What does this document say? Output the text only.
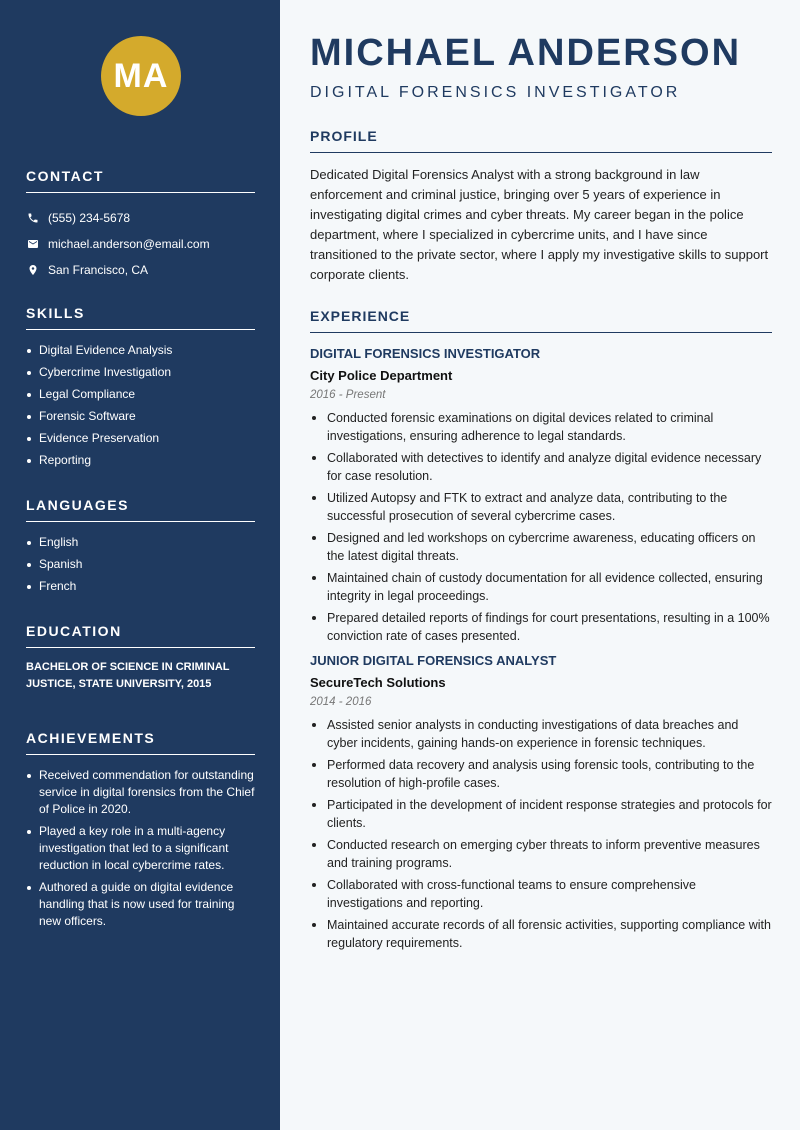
MA
CONTACT
(555) 234-5678
michael.anderson@email.com
San Francisco, CA
SKILLS
Digital Evidence Analysis
Cybercrime Investigation
Legal Compliance
Forensic Software
Evidence Preservation
Reporting
LANGUAGES
English
Spanish
French
EDUCATION
BACHELOR OF SCIENCE IN CRIMINAL JUSTICE, STATE UNIVERSITY, 2015
ACHIEVEMENTS
Received commendation for outstanding service in digital forensics from the Chief of Police in 2020.
Played a key role in a multi-agency investigation that led to a significant reduction in local cybercrime rates.
Authored a guide on digital evidence handling that is now used for training new officers.
MICHAEL ANDERSON
DIGITAL FORENSICS INVESTIGATOR
PROFILE

Dedicated Digital Forensics Analyst with a strong background in law enforcement and criminal justice, bringing over 5 years of experience in investigating digital crimes and cyber threats. My career began in the police department, where I specialized in cybercrime units, and I have since transitioned to the private sector, where I apply my investigative skills to support corporate clients.

EXPERIENCE
DIGITAL FORENSICS INVESTIGATOR
City Police Department
2016 - Present
Conducted forensic examinations on digital devices related to criminal investigations, ensuring adherence to legal standards.
Collaborated with detectives to identify and analyze digital evidence necessary for case resolution.
Utilized Autopsy and FTK to extract and analyze data, contributing to the successful prosecution of several cybercrime cases.
Designed and led workshops on cybercrime awareness, educating officers on the latest digital threats.
Maintained chain of custody documentation for all evidence collected, ensuring integrity in legal proceedings.
Prepared detailed reports of findings for court presentations, resulting in a 100% conviction rate of cases presented.
JUNIOR DIGITAL FORENSICS ANALYST
SecureTech Solutions
2014 - 2016
Assisted senior analysts in conducting investigations of data breaches and cyber incidents, gaining hands-on experience in forensic techniques.
Performed data recovery and analysis using forensic tools, contributing to the resolution of high-profile cases.
Participated in the development of incident response strategies and protocols for clients.
Conducted research on emerging cyber threats to inform preventive measures and training programs.
Collaborated with cross-functional teams to ensure comprehensive investigations and reporting.
Maintained accurate records of all forensic activities, supporting compliance with regulatory requirements.
